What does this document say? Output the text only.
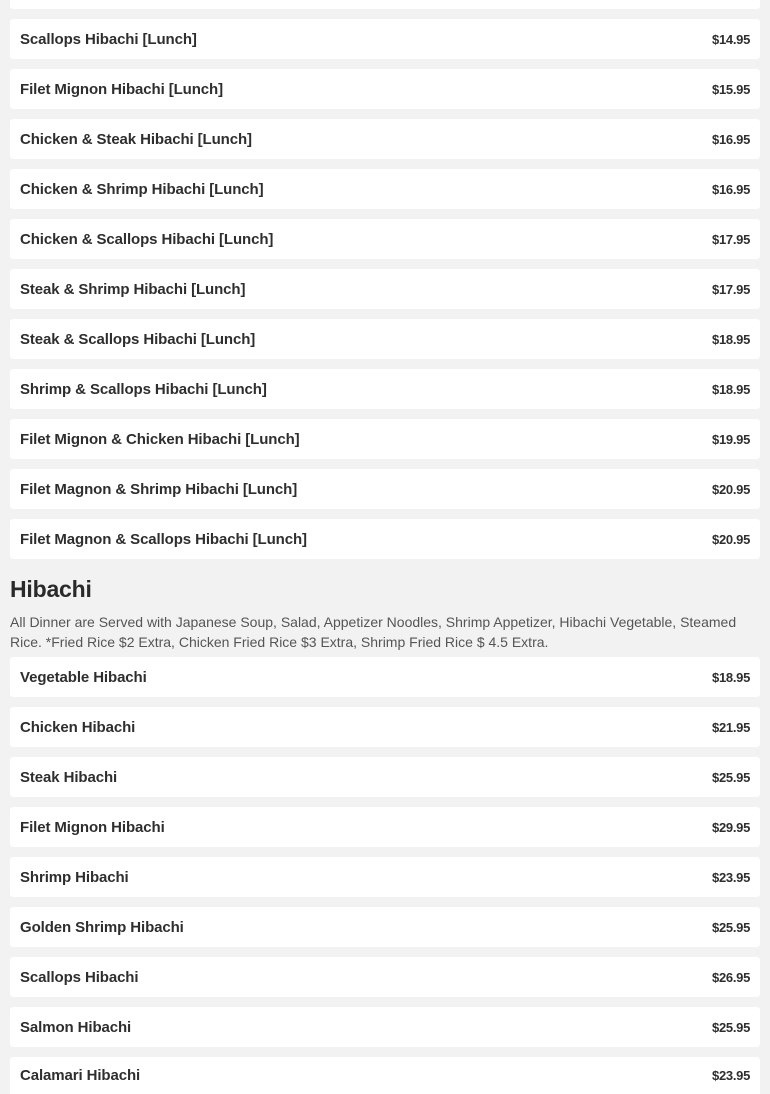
Scallops Hibachi [Lunch]	$14.95
Filet Mignon Hibachi [Lunch]	$15.95
Chicken & Steak Hibachi [Lunch]	$16.95
Chicken & Shrimp Hibachi [Lunch]	$16.95
Chicken & Scallops Hibachi [Lunch]	$17.95
Steak & Shrimp Hibachi [Lunch]	$17.95
Steak & Scallops Hibachi [Lunch]	$18.95
Shrimp & Scallops Hibachi [Lunch]	$18.95
Filet Mignon & Chicken Hibachi [Lunch]	$19.95
Filet Magnon & Shrimp Hibachi [Lunch]	$20.95
Filet Magnon & Scallops Hibachi [Lunch]	$20.95
Hibachi

All Dinner are Served with Japanese Soup, Salad, Appetizer Noodles, Shrimp Appetizer, Hibachi Vegetable, Steamed Rice. *Fried Rice $2 Extra, Chicken Fried Rice $3 Extra, Shrimp Fried Rice $ 4.5 Extra.

Vegetable Hibachi	$18.95
Chicken Hibachi	$21.95
Steak Hibachi	$25.95
Filet Mignon Hibachi	$29.95
Shrimp Hibachi	$23.95
Golden Shrimp Hibachi	$25.95
Scallops Hibachi	$26.95
Salmon Hibachi	$25.95
Calamari Hibachi	$23.95
